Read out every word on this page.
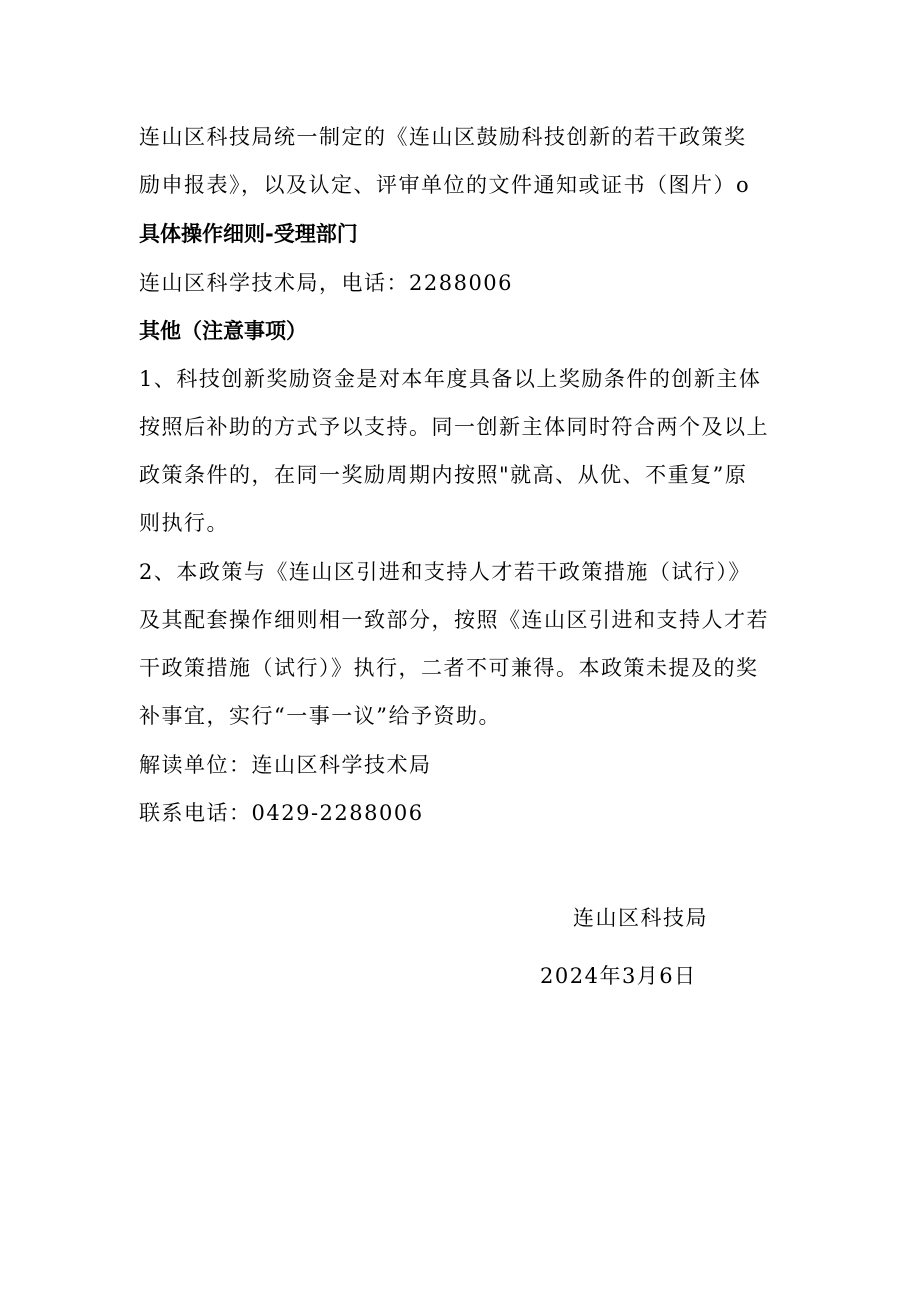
连山区科技局统一制定的《连山区鼓励科技创新的若干政策奖
励申报表》，以及认定、评审单位的文件通知或证书（图片）o
具体操作细则-受理部门
连山区科学技术局，电话：2288006
其他（注意事项）
1、科技创新奖励资金是对本年度具备以上奖励条件的创新主体
按照后补助的方式予以支持。同一创新主体同时符合两个及以上
政策条件的，在同一奖励周期内按照"就高、从优、不重复”原
则执行。
2、本政策与《连山区引进和支持人才若干政策措施（试行）》
及其配套操作细则相一致部分，按照《连山区引进和支持人才若
干政策措施（试行）》执行，二者不可兼得。本政策未提及的奖
补事宜，实行“一事一议”给予资助。
解读单位：连山区科学技术局
联系电话：0429-2288006
连山区科技局
2024年3月6日
